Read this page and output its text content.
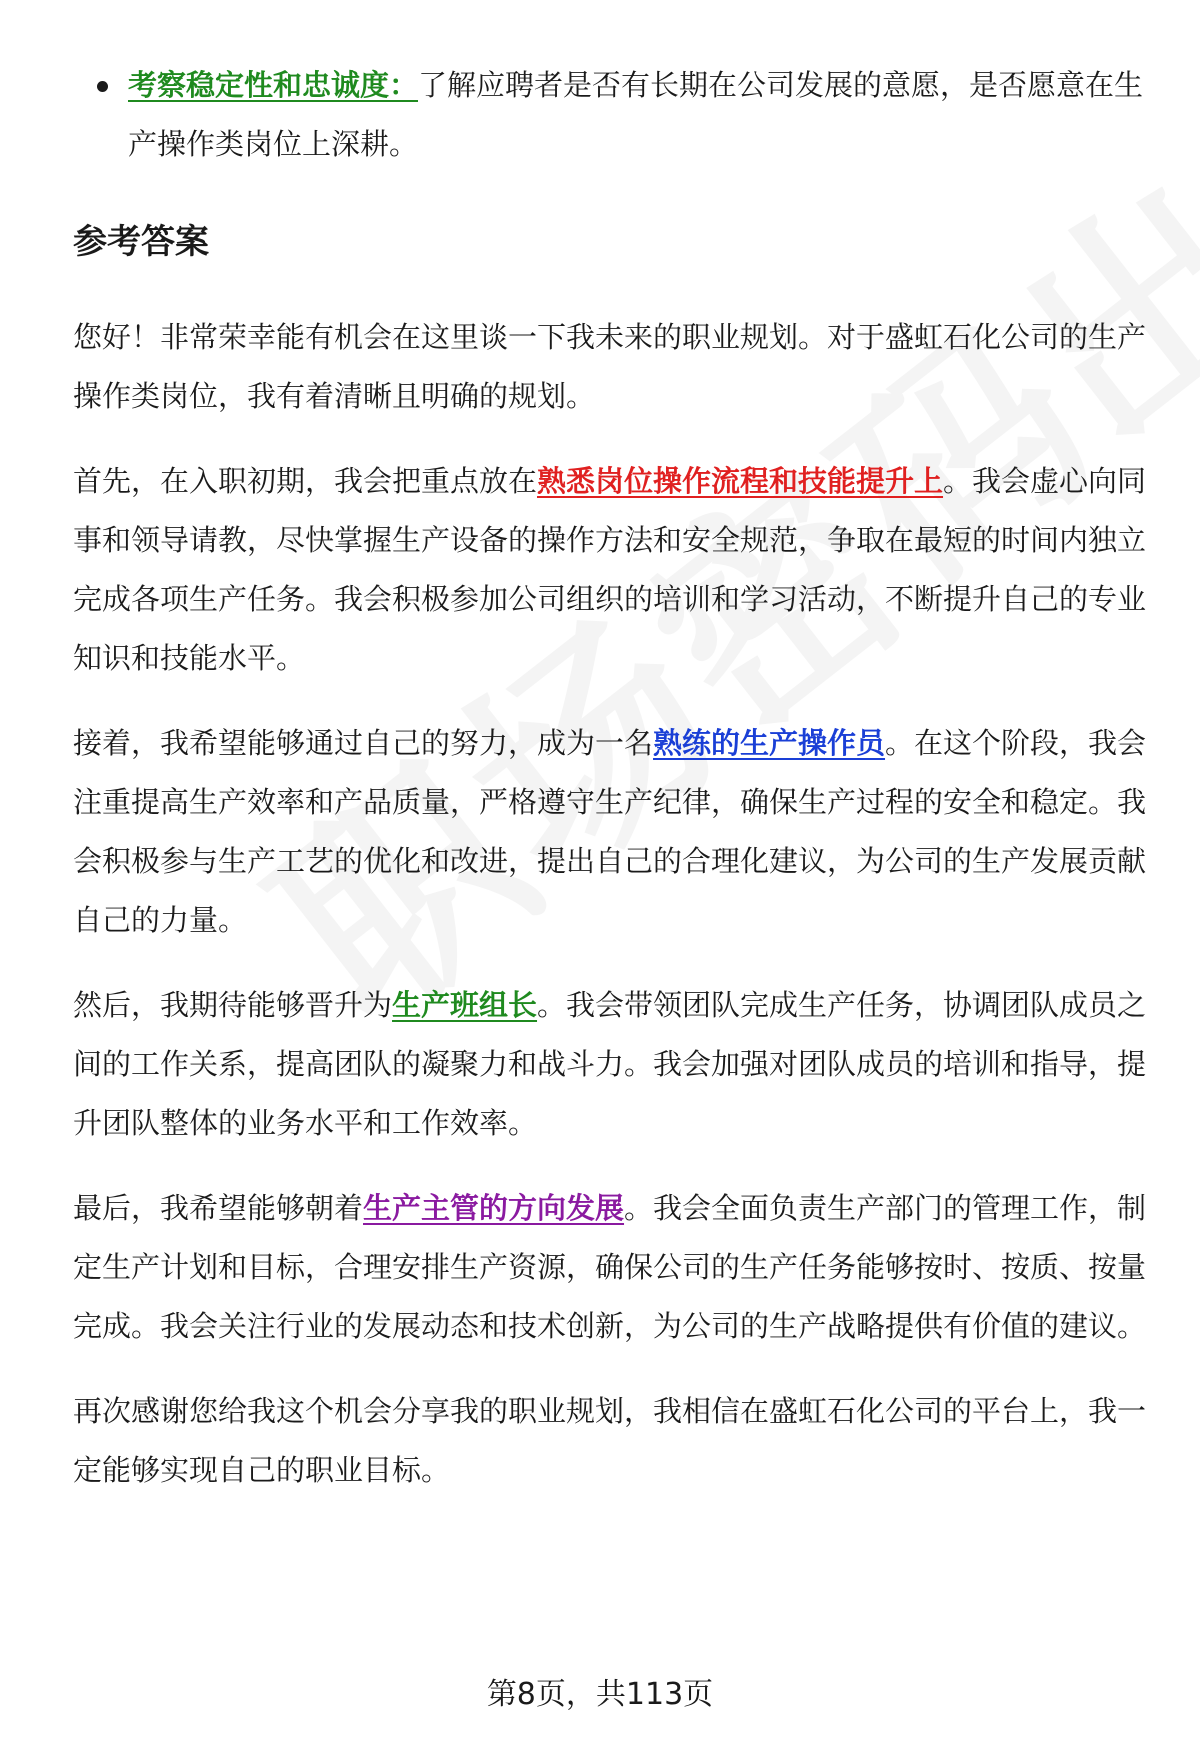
考察稳定性和忠诚度：了解应聘者是否有长期在公司发展的意愿，是否愿意在生产操作类岗位上深耕。
参考答案

您好！非常荣幸能有机会在这里谈一下我未来的职业规划。对于盛虹石化公司的生产操作类岗位，我有着清晰且明确的规划。

首先，在入职初期，我会把重点放在熟悉岗位操作流程和技能提升上。我会虚心向同事和领导请教，尽快掌握生产设备的操作方法和安全规范，争取在最短的时间内独立完成各项生产任务。我会积极参加公司组织的培训和学习活动，不断提升自己的专业知识和技能水平。

接着，我希望能够通过自己的努力，成为一名熟练的生产操作员。在这个阶段，我会注重提高生产效率和产品质量，严格遵守生产纪律，确保生产过程的安全和稳定。我会积极参与生产工艺的优化和改进，提出自己的合理化建议，为公司的生产发展贡献自己的力量。

然后，我期待能够晋升为生产班组长。我会带领团队完成生产任务，协调团队成员之间的工作关系，提高团队的凝聚力和战斗力。我会加强对团队成员的培训和指导，提升团队整体的业务水平和工作效率。

最后，我希望能够朝着生产主管的方向发展。我会全面负责生产部门的管理工作，制定生产计划和目标，合理安排生产资源，确保公司的生产任务能够按时、按质、按量完成。我会关注行业的发展动态和技术创新，为公司的生产战略提供有价值的建议。

再次感谢您给我这个机会分享我的职业规划，我相信在盛虹石化公司的平台上，我一定能够实现自己的职业目标。

第8页，共113页
